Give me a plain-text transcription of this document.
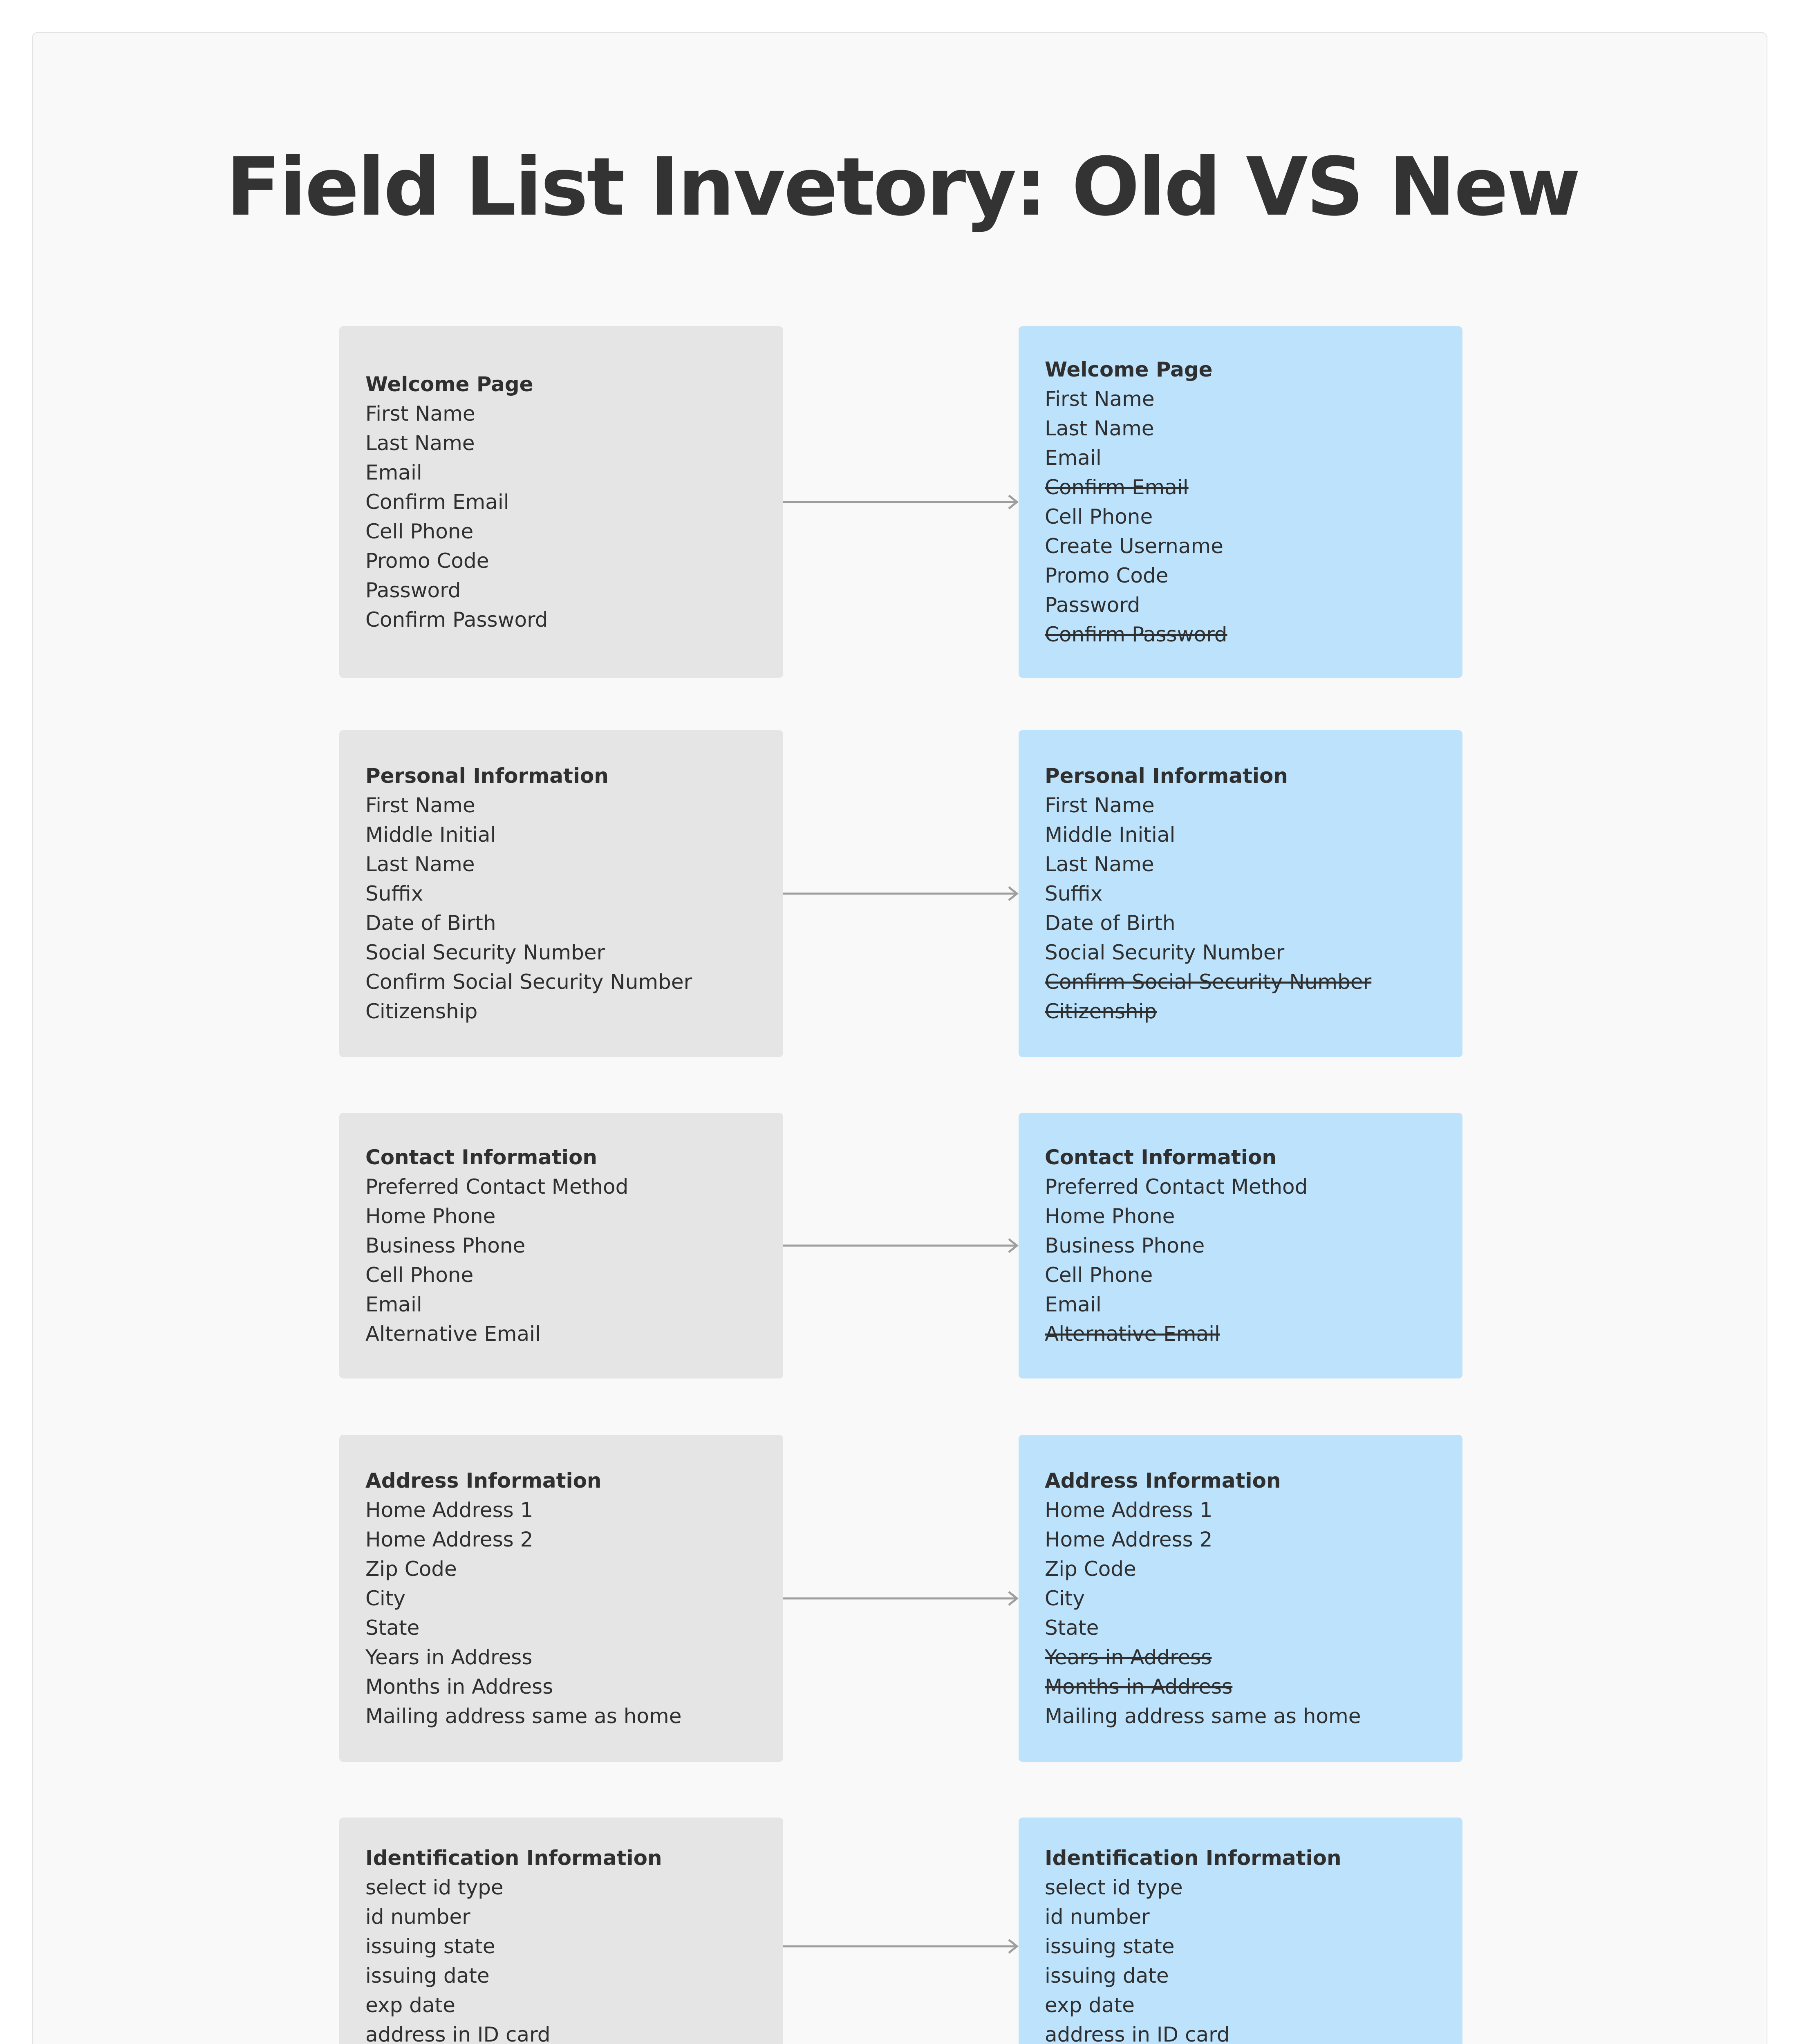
Field List Invetory: Old VS New
Welcome Page
First Name
Last Name
Email
Confirm Email
Cell Phone
Promo Code
Password
Confirm Password
Welcome Page
First Name
Last Name
Email
Confirm Email
Cell Phone
Create Username
Promo Code
Password
Confirm Password
Personal Information
First Name
Middle Initial
Last Name
Suffix
Date of Birth
Social Security Number
Confirm Social Security Number
Citizenship
Personal Information
First Name
Middle Initial
Last Name
Suffix
Date of Birth
Social Security Number
Confirm Social Security Number
Citizenship
Contact Information
Preferred Contact Method
Home Phone
Business Phone
Cell Phone
Email
Alternative Email
Contact Information
Preferred Contact Method
Home Phone
Business Phone
Cell Phone
Email
Alternative Email
Address Information
Home Address 1
Home Address 2
Zip Code
City
State
Years in Address
Months in Address
Mailing address same as home
Address Information
Home Address 1
Home Address 2
Zip Code
City
State
Years in Address
Months in Address
Mailing address same as home
Identification Information
select id type
id number
issuing state
issuing date
exp date
address in ID card
Identification Information
select id type
id number
issuing state
issuing date
exp date
address in ID card
